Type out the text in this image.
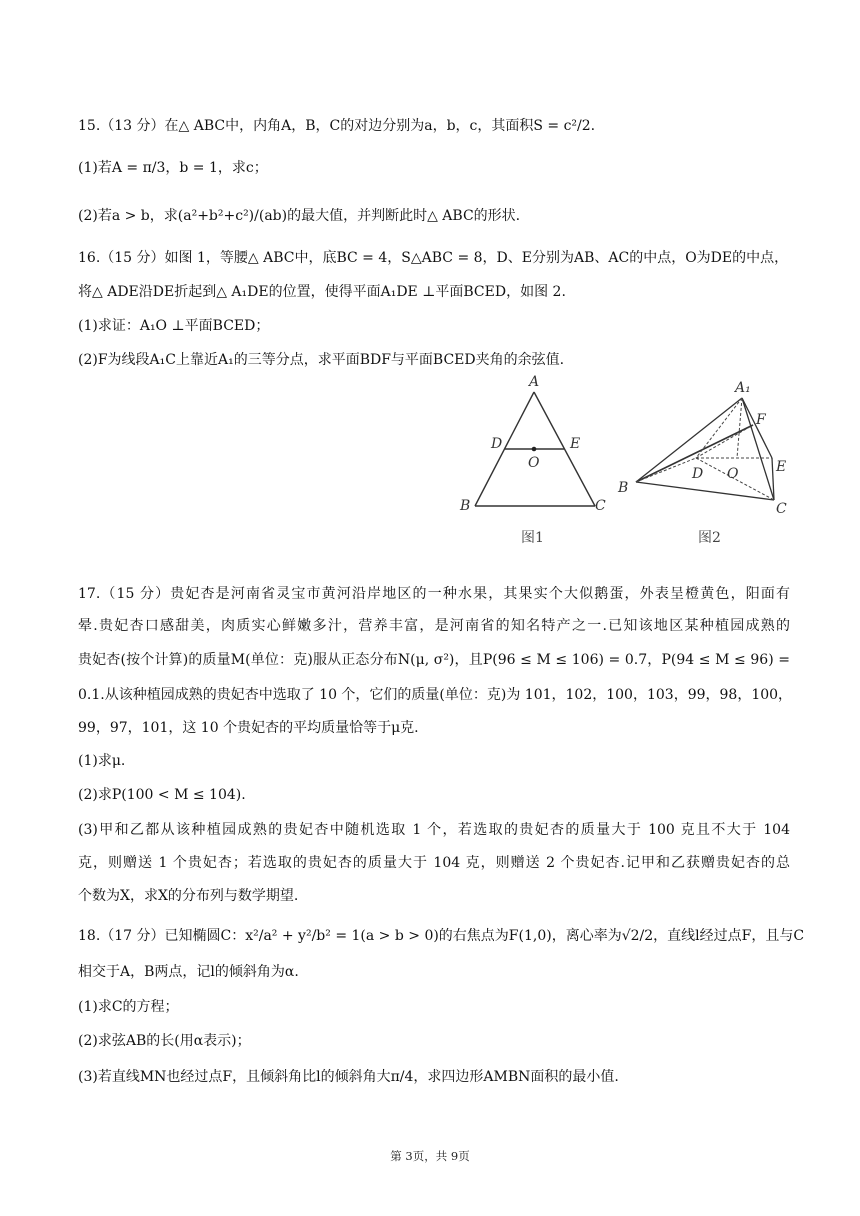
15.（13 分）在△ ABC中，内角A，B，C的对边分别为a，b，c，其面积S = c²/2.
(1)若A = π/3，b = 1，求c；
(2)若a > b，求(a²+b²+c²)/(ab)的最大值，并判断此时△ ABC的形状.
16.（15 分）如图 1，等腰△ ABC中，底BC = 4，S△ABC = 8，D、E分别为AB、AC的中点，O为DE的中点，
将△ ADE沿DE折起到△ A₁DE的位置，使得平面A₁DE ⊥平面BCED，如图 2.
(1)求证：A₁O ⊥平面BCED；
(2)F为线段A₁C上靠近A₁的三等分点，求平面BDF与平面BCED夹角的余弦值.
A
D	E
O
B	C
图1
A₁
F
D O	E
B
C
图2
17.（15 分）贵妃杏是河南省灵宝市黄河沿岸地区的一种水果，其果实个大似鹅蛋，外表呈橙黄色，阳面有
晕.贵妃杏口感甜美，肉质实心鲜嫩多汁，营养丰富，是河南省的知名特产之一.已知该地区某种植园成熟的
贵妃杏(按个计算)的质量M(单位：克)服从正态分布N(μ, σ²)，且P(96 ≤ M ≤ 106) = 0.7，P(94 ≤ M ≤ 96) =
0.1.从该种植园成熟的贵妃杏中选取了 10 个，它们的质量(单位：克)为 101，102，100，103，99，98，100，
99，97，101，这 10 个贵妃杏的平均质量恰等于μ克.
(1)求μ.
(2)求P(100 < M ≤ 104).
(3)甲和乙都从该种植园成熟的贵妃杏中随机选取 1 个，若选取的贵妃杏的质量大于 100 克且不大于 104
克，则赠送 1 个贵妃杏；若选取的贵妃杏的质量大于 104 克，则赠送 2 个贵妃杏.记甲和乙获赠贵妃杏的总
个数为X，求X的分布列与数学期望.
18.（17 分）已知椭圆C：x²/a² + y²/b² = 1(a > b > 0)的右焦点为F(1,0)，离心率为√2/2，直线l经过点F，且与C
相交于A，B两点，记l的倾斜角为α.
(1)求C的方程；
(2)求弦AB的长(用α表示)；
(3)若直线MN也经过点F，且倾斜角比l的倾斜角大π/4，求四边形AMBN面积的最小值.
第 3页，共 9页
